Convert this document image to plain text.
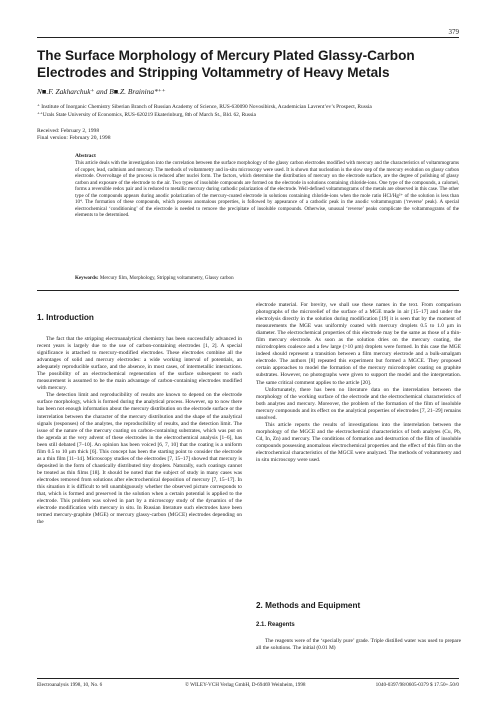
379
The Surface Morphology of Mercury Plated Glassy-Carbon Electrodes and Stripping Voltammetry of Heavy Metals
N■.F. Zakharchuk⁺ and B■.Z. Brainina*⁺⁺
⁺ Institute of Inorganic Chemistry Siberian Branch of Russian Academy of Science, RUS-630090 Novosibirsk, Academician Lavrent’ev’s Prospect, Russia
⁺⁺Urals State University of Economics, RUS-620219 Ekaterinburg, 8th of March St., Bld. 62, Russia
Received: February 2, 1998
Final version: February 20, 1998
Abstract
This article deals with the investigation into the correlation between the surface morphology of the glassy carbon electrodes modified with mercury and the characteristics of voltammograms of copper, lead, cadmium and mercury. The methods of voltammetry and in-situ microscopy were used. It is shown that nucleation is the slow step of the mercury evolution on glassy carbon electrode. Overvoltage of the process is reduced after nuclei form. The factors, which determine the distribution of mercury on the electrode surface, are the degree of polishing of glassy carbon and exposure of the electrode to the air. Two types of insoluble compounds are formed on the electrode in solutions containing chloride-ions. One type of the compounds, a calomel, forms a reversible redox pair and is reduced to metallic mercury during cathodic polarization of the electrode. Well-defined voltammograms of the metals are observed in this case. The other type of the compounds appears during anodic polarization of the mercury-coated electrode in solutions containing chloride-ions when the mole ratio HCl/Hg²⁺ of the solution is less than 10⁴. The formation of these compounds, which possess anomalous properties, is followed by appearance of a cathodic peak in the anodic voltammogram (‘reverse’ peak). A special electrochemical ‘conditioning’ of the electrode is needed to remove the precipitate of insoluble compounds. Otherwise, unusual ‘reverse’ peaks complicate the voltammograms of the elements to be determined.
Keywords: Mercury film, Morphology, Stripping voltammetry, Glassy carbon
1. Introduction

The fact that the stripping electroanalytical chemistry has been successfully advanced in recent years is largely due to the use of carbon-containing electrodes [1, 2]. A special significance is attached to mercury-modified electrodes. These electrodes combine all the advantages of solid and mercury electrodes: a wide working interval of potentials, an adequately reproducible surface, and the absence, in most cases, of intermetallic interactions. The possibility of an electrochemical regeneration of the surface subsequent to each measurement is assumed to be the main advantage of carbon-containing electrodes modified with mercury.

The detection limit and reproducibility of results are known to depend on the electrode surface morphology, which is formed during the analytical process. However, up to now there has been not enough information about the mercury distribution on the electrode surface or the interrelation between the character of the mercury distribution and the shape of the analytical signals (responses) of the analytes, the reproducibility of results, and the detection limit. The issue of the nature of the mercury coating on carbon-containing substrates, which was put on the agenda at the very advent of these electrodes in the electrochemical analysis [1–6], has been still debated [7–10]. An opinion has been voiced [6, 7, 10] that the coating is a uniform film 0.5 to 10 μm thick [6]. This concept has been the starting point to consider the electrode as a thin film [11–14]. Microscopy studies of the electrodes [7, 15–17] showed that mercury is deposited in the form of chaotically distributed tiny droplets. Naturally, such coatings cannot be treated as thin films [18]. It should be noted that the subject of study in many cases was electrodes removed from solutions after electrochemical deposition of mercury [7, 15–17]. In this situation it is difficult to tell unambiguously whether the observed picture corresponds to that, which is formed and preserved in the solution when a certain potential is applied to the electrode. This problem was solved in part by a microscopy study of the dynamics of the electrode modification with mercury in situ. In Russian literature such electrodes have been termed mercury-graphite (MGE) or mercury glassy-carbon (MGCE) electrodes depending on the

electrode material. For brevity, we shall use these names in the text. From comparison photographs of the microrelief of the surface of a MGE made in air [15–17] and under the electrolysis directly in the solution during modification [19] it is seen that by the moment of measurements the MGE was uniformly coated with mercury droplets 0.5 to 1.0 μm in diameter. The electrochemical properties of this electrode may be the same as those of a thin-film mercury electrode. As soon as the solution dries on the mercury coating, the microdroplets coalesce and a few large (>10 μm) droplets were formed. In this case the MGE indeed should represent a transition between a film mercury electrode and a bulk-amalgam electrode. The authors [8] repeated this experiment but formed a MGCE. They proposed certain approaches to model the formation of the mercury microdroplet coating on graphite substrates. However, no photographs were given to support the model and the interpretation. The same critical comment applies to the article [20].

Unfortunately, there has been no literature data on the interrelation between the morphology of the working surface of the electrode and the electrochemical characteristics of both analytes and mercury. Moreover, the problem of the formation of the film of insoluble mercury compounds and its effect on the analytical properties of electrodes [7, 21–29] remains unsolved.

This article reports the results of investigations into the interrelation between the morphology of the MGCE and the electrochemical characteristics of both analytes (Cu, Pb, Cd, In, Zn) and mercury. The conditions of formation and destruction of the film of insoluble compounds possessing anomalous electrochemical properties and the effect of this film on the electrochemical characteristics of the MGCE were analyzed. The methods of voltammetry and in situ microscopy were used.

2. Methods and Equipment
2.1. Reagents

The reagents were of the ‘specially pure’ grade. Triple distilled water was used to prepare all the solutions. The initial (0.01 M)

Electroanalysis 1998, 10, No. 6	© WILEY-VCH Verlag GmbH, D-69469 Weinheim, 1998	1040-0397/98/0605-0379 $ 17.50+.50/0
